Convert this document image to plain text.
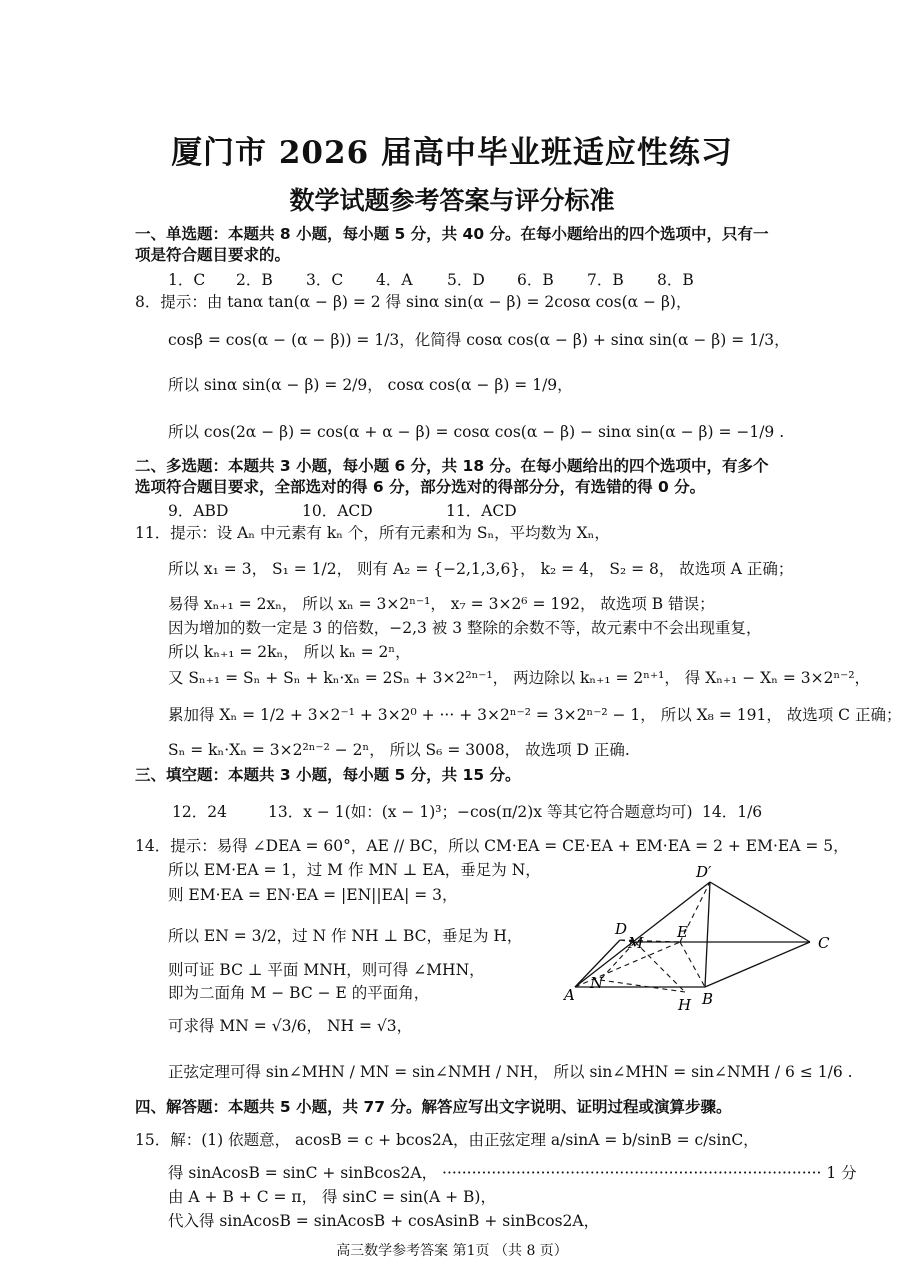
厦门市 2026 届高中毕业班适应性练习
数学试题参考答案与评分标准
一、单选题：本题共 8 小题，每小题 5 分，共 40 分。在每小题给出的四个选项中，只有一
项是符合题目要求的。
1．C 2．B 3．C 4．A 5．D 6．B 7．B 8．B
8．提示：由 tanα tan(α − β) = 2 得 sinα sin(α − β) = 2cosα cos(α − β)，
cosβ = cos(α − (α − β)) = 1/3，化简得 cosα cos(α − β) + sinα sin(α − β) = 1/3，
所以 sinα sin(α − β) = 2/9， cosα cos(α − β) = 1/9，
所以 cos(2α − β) = cos(α + α − β) = cosα cos(α − β) − sinα sin(α − β) = −1/9 .
二、多选题：本题共 3 小题，每小题 6 分，共 18 分。在每小题给出的四个选项中，有多个
选项符合题目要求，全部选对的得 6 分，部分选对的得部分分，有选错的得 0 分。
9．ABD	10．ACD	11．ACD
11．提示：设 Aₙ 中元素有 kₙ 个，所有元素和为 Sₙ，平均数为 Xₙ，
所以 x₁ = 3， S₁ = 1/2， 则有 A₂ = {−2,1,3,6}， k₂ = 4， S₂ = 8， 故选项 A 正确；
易得 xₙ₊₁ = 2xₙ， 所以 xₙ = 3×2ⁿ⁻¹， x₇ = 3×2⁶ = 192， 故选项 B 错误；
因为增加的数一定是 3 的倍数，−2,3 被 3 整除的余数不等，故元素中不会出现重复，
所以 kₙ₊₁ = 2kₙ， 所以 kₙ = 2ⁿ，
又 Sₙ₊₁ = Sₙ + Sₙ + kₙ·xₙ = 2Sₙ + 3×2²ⁿ⁻¹， 两边除以 kₙ₊₁ = 2ⁿ⁺¹， 得 Xₙ₊₁ − Xₙ = 3×2ⁿ⁻²，
累加得 Xₙ = 1/2 + 3×2⁻¹ + 3×2⁰ + ··· + 3×2ⁿ⁻² = 3×2ⁿ⁻² − 1， 所以 X₈ = 191， 故选项 C 正确；
Sₙ = kₙ·Xₙ = 3×2²ⁿ⁻² − 2ⁿ， 所以 S₆ = 3008， 故选项 D 正确.
三、填空题：本题共 3 小题，每小题 5 分，共 15 分。
12．24	13．x − 1(如：(x − 1)³；−cos(π/2)x 等其它符合题意均可) 14．1/6
14．提示：易得 ∠DEA = 60°，AE // BC，所以 CM·EA = CE·EA + EM·EA = 2 + EM·EA = 5，
所以 EM·EA = 1，过 M 作 MN ⊥ EA，垂足为 N，
则 EM·EA = EN·EA = |EN||EA| = 3，
所以 EN = 3/2，过 N 作 NH ⊥ BC，垂足为 H，
则可证 BC ⊥ 平面 MNH，则可得 ∠MHN，
即为二面角 M − BC − E 的平面角，
可求得 MN = √3/6， NH = √3，
正弦定理可得 sin∠MHN / MN = sin∠NMH / NH， 所以 sin∠MHN = sin∠NMH / 6 ≤ 1/6 .
D′
D
M
E
C
A
N
H B
四、解答题：本题共 5 小题，共 77 分。解答应写出文字说明、证明过程或演算步骤。
15．解：(1) 依题意， acosB = c + bcos2A，由正弦定理 a/sinA = b/sinB = c/sinC，
得 sinAcosB = sinC + sinBcos2A， ············································································· 1 分
由 A + B + C = π， 得 sinC = sin(A + B)，
代入得 sinAcosB = sinAcosB + cosAsinB + sinBcos2A，
高三数学参考答案 第1页 （共 8 页）
